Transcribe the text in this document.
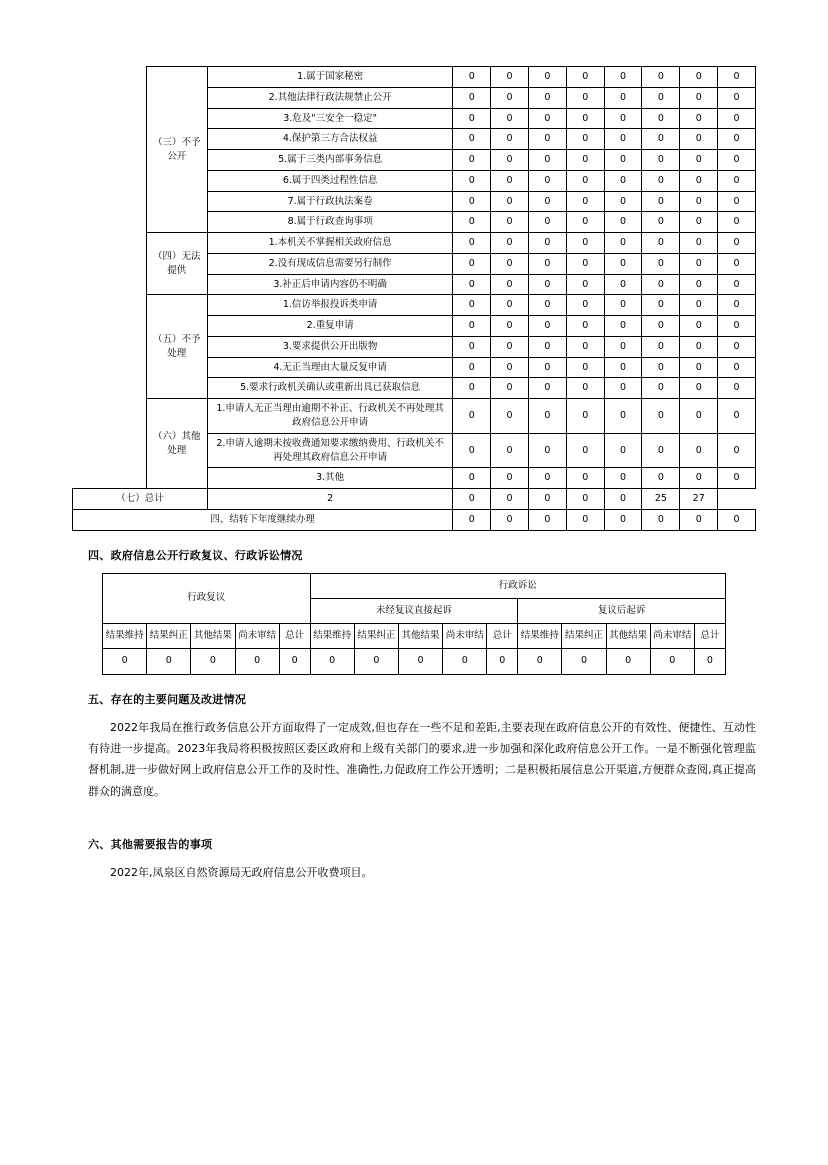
	（三）不予公开	1.属于国家秘密	0	0	0	0	0	0	0	0
		2.其他法律行政法规禁止公开	0	0	0	0	0	0	0	0
		3.危及"三安全一稳定"	0	0	0	0	0	0	0	0
		4.保护第三方合法权益	0	0	0	0	0	0	0	0
		5.属于三类内部事务信息	0	0	0	0	0	0	0	0
		6.属于四类过程性信息	0	0	0	0	0	0	0	0
		7.属于行政执法案卷	0	0	0	0	0	0	0	0
		8.属于行政查询事项	0	0	0	0	0	0	0	0
	（四）无法提供	1.本机关不掌握相关政府信息	0	0	0	0	0	0	0	0
		2.没有现成信息需要另行制作	0	0	0	0	0	0	0	0
		3.补正后申请内容仍不明确	0	0	0	0	0	0	0	0
	（五）不予处理	1.信访举报投诉类申请	0	0	0	0	0	0	0	0
		2.重复申请	0	0	0	0	0	0	0	0
		3.要求提供公开出版物	0	0	0	0	0	0	0	0
		4.无正当理由大量反复申请	0	0	0	0	0	0	0	0
		5.要求行政机关确认或重新出具已获取信息	0	0	0	0	0	0	0	0
	（六）其他处理	1.申请人无正当理由逾期不补正、行政机关不再处理其政府信息公开申请	0	0	0	0	0	0	0	0
		2.申请人逾期未按收费通知要求缴纳费用、行政机关不再处理其政府信息公开申请	0	0	0	0	0	0	0	0
		3.其他	0	0	0	0	0	0	0	0
（七）总计		2	0	0	0	0	0	25	27	
四、结转下年度继续办理			0	0	0	0	0	0	0	0
四、政府信息公开行政复议、行政诉讼情况
行政复议					行政诉讼									
					未经复议直接起诉					复议后起诉				
结果维持	结果纠正	其他结果	尚未审结	总计	结果维持	结果纠正	其他结果	尚未审结	总计	结果维持	结果纠正	其他结果	尚未审结	总计
0	0	0	0	0	0	0	0	0	0	0	0	0	0	0
五、存在的主要问题及改进情况
2022年我局在推行政务信息公开方面取得了一定成效,但也存在一些不足和差距,主要表现在政府信息公开的有效性、便捷性、互动性有待进一步提高。2023年我局将积极按照区委区政府和上级有关部门的要求,进一步加强和深化政府信息公开工作。一是不断强化管理监督机制,进一步做好网上政府信息公开工作的及时性、准确性,力促政府工作公开透明；二是积极拓展信息公开渠道,方便群众查阅,真正提高群众的满意度。
六、其他需要报告的事项
2022年,凤泉区自然资源局无政府信息公开收费项目。
